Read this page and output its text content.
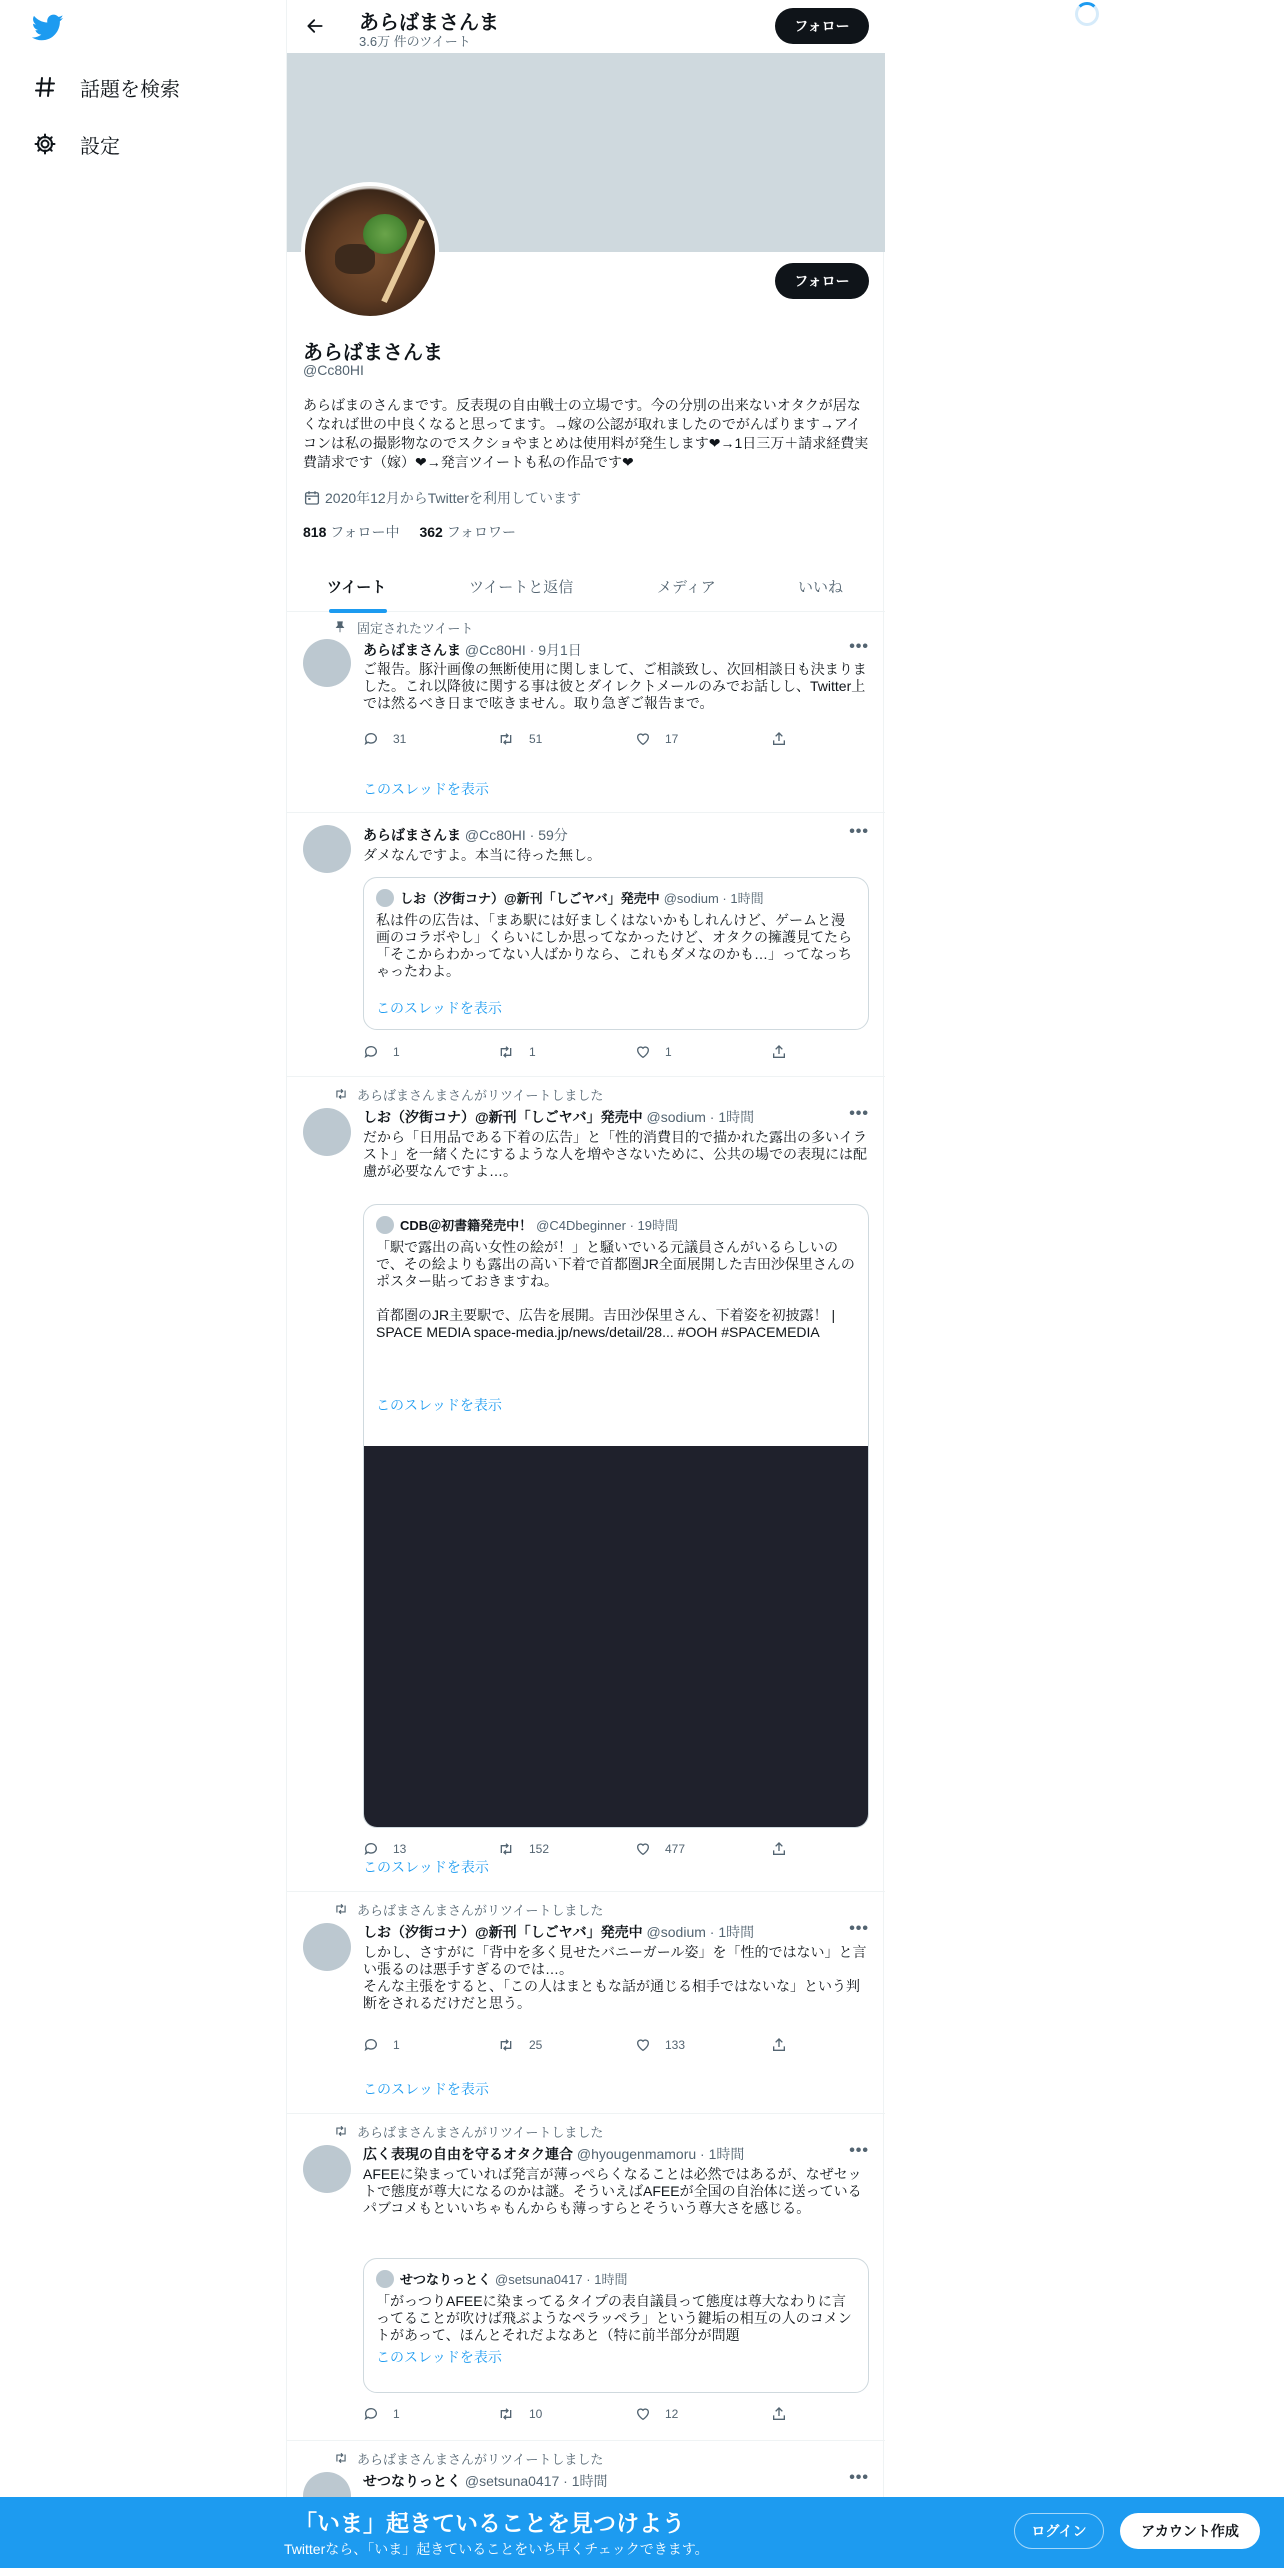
話題を検索
設定
あらばまさんま
3.6万 件のツイート
フォロー
フォロー
あらばまさんま
@Cc80HI
あらばまのさんまです。反表現の自由戦士の立場です。今の分別の出来ないオタクが居なくなれば世の中良くなると思ってます。→嫁の公認が取れましたのでがんばります→アイコンは私の撮影物なのでスクショやまとめは使用料が発生します❤→1日三万＋請求経費実費請求です（嫁）❤→発言ツイートも私の作品です❤
2020年12月からTwitterを利用しています
818 フォロー中 362 フォロワー
ツイート	ツイートと返信	メディア	いいね
固定されたツイート
あらばまさんま @Cc80HI · 9月1日	•••
ご報告。豚汁画像の無断使用に関しまして、ご相談致し、次回相談日も決まりました。これ以降彼に関する事は彼とダイレクトメールのみでお話しし、Twitter上では然るべき日まで呟きません。取り急ぎご報告まで。
31	51	17
このスレッドを表示
あらばまさんま @Cc80HI · 59分	•••
ダメなんですよ。本当に待った無し。
しお（汐街コナ）@新刊「しごヤバ」発売中 @sodium · 1時間
私は件の広告は、「まあ駅には好ましくはないかもしれんけど、ゲームと漫画のコラボやし」くらいにしか思ってなかったけど、オタクの擁護見てたら「そこからわかってない人ばかりなら、これもダメなのかも…」ってなっちゃったわよ。
このスレッドを表示
1	1	1
あらばまさんまさんがリツイートしました
しお（汐街コナ）@新刊「しごヤバ」発売中 @sodium · 1時間	•••
だから「日用品である下着の広告」と「性的消費目的で描かれた露出の多いイラスト」を一緒くたにするような人を増やさないために、公共の場での表現には配慮が必要なんですよ…。
CDB＠初書籍発売中！ @C4Dbeginner · 19時間
「駅で露出の高い女性の絵が！」と騒いでいる元議員さんがいるらしいので、その絵よりも露出の高い下着で首都圏JR全面展開した吉田沙保里さんのポスター貼っておきますね。

首都圏のJR主要駅で、広告を展開。吉田沙保里さん、下着姿を初披露！ | SPACE MEDIA space-media.jp/news/detail/28... #OOH #SPACEMEDIA
このスレッドを表示
13	152	477
このスレッドを表示
あらばまさんまさんがリツイートしました
しお（汐街コナ）@新刊「しごヤバ」発売中 @sodium · 1時間	•••
しかし、さすがに「背中を多く見せたバニーガール姿」を「性的ではない」と言い張るのは悪手すぎるのでは…。
そんな主張をすると、「この人はまともな話が通じる相手ではないな」という判断をされるだけだと思う。
1	25	133
このスレッドを表示
あらばまさんまさんがリツイートしました
広く表現の自由を守るオタク連合 @hyougenmamoru · 1時間	•••
AFEEに染まっていれば発言が薄っぺらくなることは必然ではあるが、なぜセットで態度が尊大になるのかは謎。そういえばAFEEが全国の自治体に送っているパブコメもといいちゃもんからも薄っすらとそういう尊大さを感じる。
せつなりっとく @setsuna0417 · 1時間
「がっつりAFEEに染まってるタイプの表自議員って態度は尊大なわりに言ってることが吹けば飛ぶようなペラッペラ」という鍵垢の相互の人のコメントがあって、ほんとそれだよなあと（特に前半部分が問題
このスレッドを表示
1	10	12
あらばまさんまさんがリツイートしました
せつなりっとく @setsuna0417 · 1時間	•••
「いま」起きていることを見つけよう
Twitterなら、「いま」起きていることをいち早くチェックできます。
ログイン	アカウント作成
